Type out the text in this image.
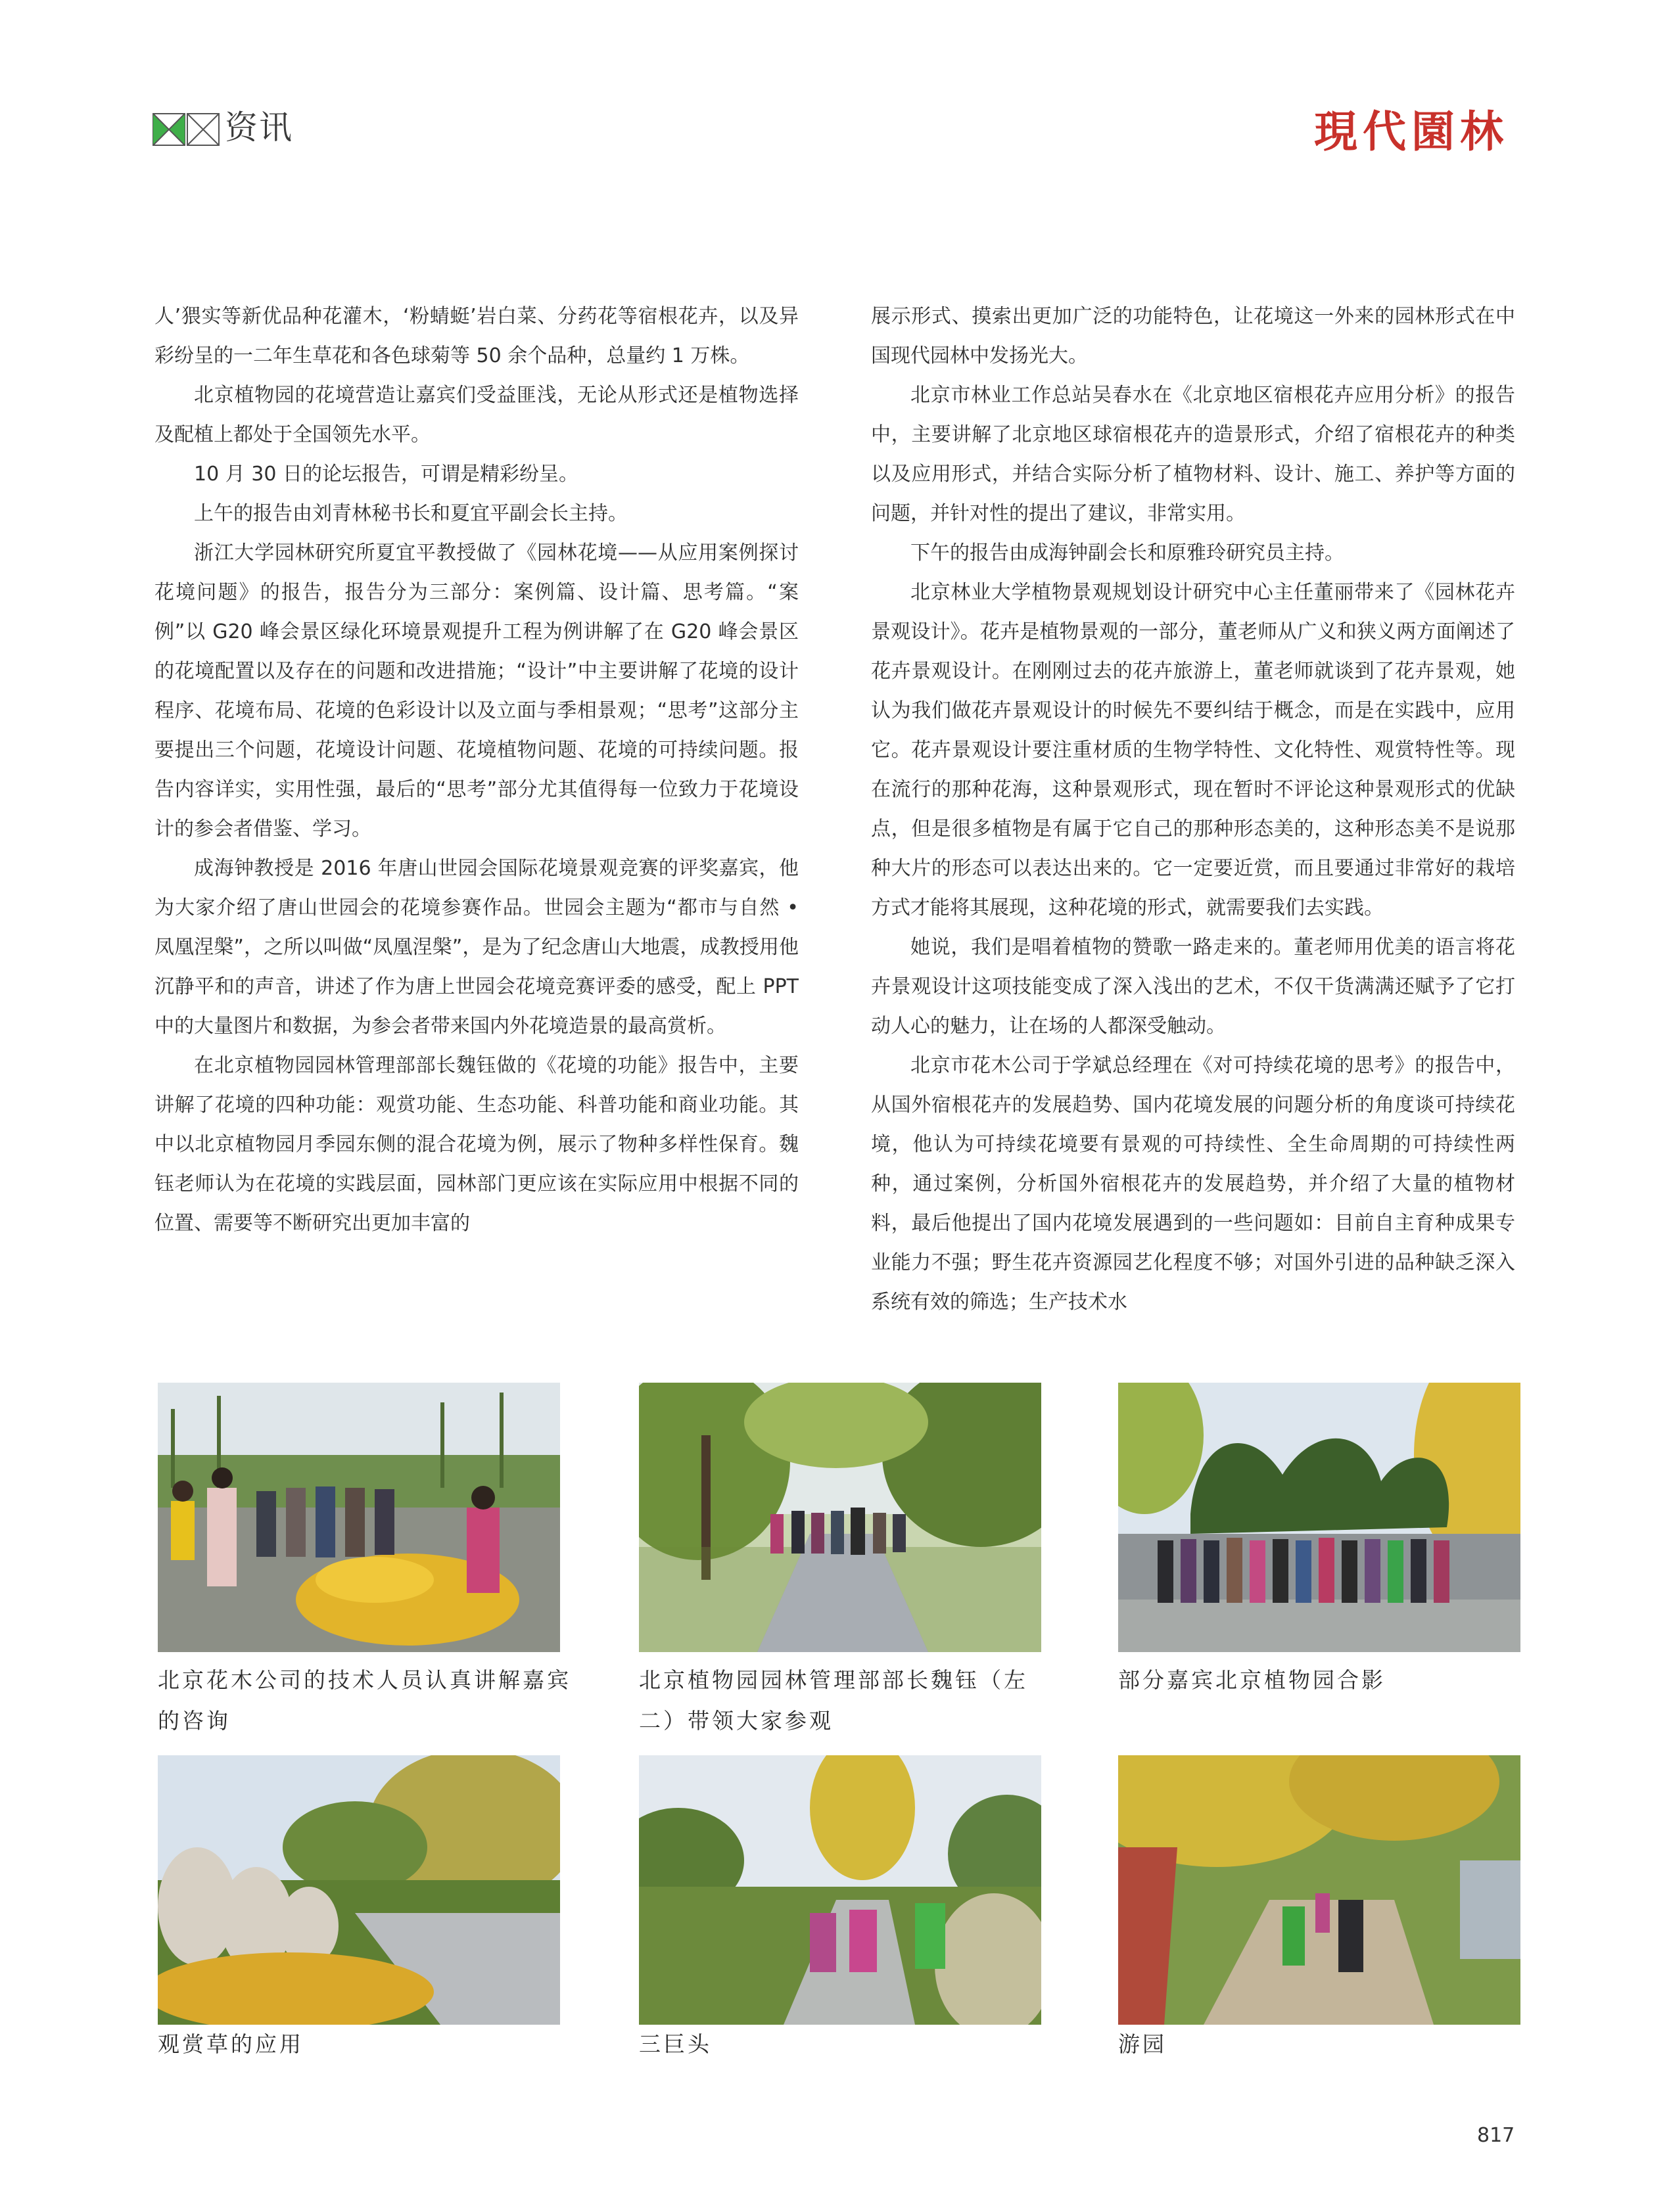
资讯	現代園林

人’猥实等新优品种花灌木，‘粉蜻蜓’岩白菜、分药花等宿根花卉，以及异彩纷呈的一二年生草花和各色球菊等 50 余个品种，总量约 1 万株。

北京植物园的花境营造让嘉宾们受益匪浅，无论从形式还是植物选择及配植上都处于全国领先水平。

10 月 30 日的论坛报告，可谓是精彩纷呈。

上午的报告由刘青林秘书长和夏宜平副会长主持。

浙江大学园林研究所夏宜平教授做了《园林花境——从应用案例探讨花境问题》的报告，报告分为三部分：案例篇、设计篇、思考篇。“案例”以 G20 峰会景区绿化环境景观提升工程为例讲解了在 G20 峰会景区的花境配置以及存在的问题和改进措施；“设计”中主要讲解了花境的设计程序、花境布局、花境的色彩设计以及立面与季相景观；“思考”这部分主要提出三个问题，花境设计问题、花境植物问题、花境的可持续问题。报告内容详实，实用性强，最后的“思考”部分尤其值得每一位致力于花境设计的参会者借鉴、学习。

成海钟教授是 2016 年唐山世园会国际花境景观竞赛的评奖嘉宾，他为大家介绍了唐山世园会的花境参赛作品。世园会主题为“都市与自然 • 凤凰涅槃”，之所以叫做“凤凰涅槃”，是为了纪念唐山大地震，成教授用他沉静平和的声音，讲述了作为唐上世园会花境竞赛评委的感受，配上 PPT 中的大量图片和数据，为参会者带来国内外花境造景的最高赏析。

在北京植物园园林管理部部长魏钰做的《花境的功能》报告中，主要讲解了花境的四种功能：观赏功能、生态功能、科普功能和商业功能。其中以北京植物园月季园东侧的混合花境为例，展示了物种多样性保育。魏钰老师认为在花境的实践层面，园林部门更应该在实际应用中根据不同的位置、需要等不断研究出更加丰富的

展示形式、摸索出更加广泛的功能特色，让花境这一外来的园林形式在中国现代园林中发扬光大。

北京市林业工作总站吴春水在《北京地区宿根花卉应用分析》的报告中，主要讲解了北京地区球宿根花卉的造景形式，介绍了宿根花卉的种类以及应用形式，并结合实际分析了植物材料、设计、施工、养护等方面的问题，并针对性的提出了建议，非常实用。

下午的报告由成海钟副会长和原雅玲研究员主持。

北京林业大学植物景观规划设计研究中心主任董丽带来了《园林花卉景观设计》。花卉是植物景观的一部分，董老师从广义和狭义两方面阐述了花卉景观设计。在刚刚过去的花卉旅游上，董老师就谈到了花卉景观，她认为我们做花卉景观设计的时候先不要纠结于概念，而是在实践中，应用它。花卉景观设计要注重材质的生物学特性、文化特性、观赏特性等。现在流行的那种花海，这种景观形式，现在暂时不评论这种景观形式的优缺点，但是很多植物是有属于它自己的那种形态美的，这种形态美不是说那种大片的形态可以表达出来的。它一定要近赏，而且要通过非常好的栽培方式才能将其展现，这种花境的形式，就需要我们去实践。

她说，我们是唱着植物的赞歌一路走来的。董老师用优美的语言将花卉景观设计这项技能变成了深入浅出的艺术，不仅干货满满还赋予了它打动人心的魅力，让在场的人都深受触动。

北京市花木公司于学斌总经理在《对可持续花境的思考》的报告中，从国外宿根花卉的发展趋势、国内花境发展的问题分析的角度谈可持续花境，他认为可持续花境要有景观的可持续性、全生命周期的可持续性两种，通过案例，分析国外宿根花卉的发展趋势，并介绍了大量的植物材料，最后他提出了国内花境发展遇到的一些问题如：目前自主育种成果专业能力不强；野生花卉资源园艺化程度不够；对国外引进的品种缺乏深入系统有效的筛选；生产技术水

北京花木公司的技术人员认真讲解嘉宾的咨询
北京植物园园林管理部部长魏钰（左二）带领大家参观
部分嘉宾北京植物园合影
观赏草的应用	三巨头	游园
817
